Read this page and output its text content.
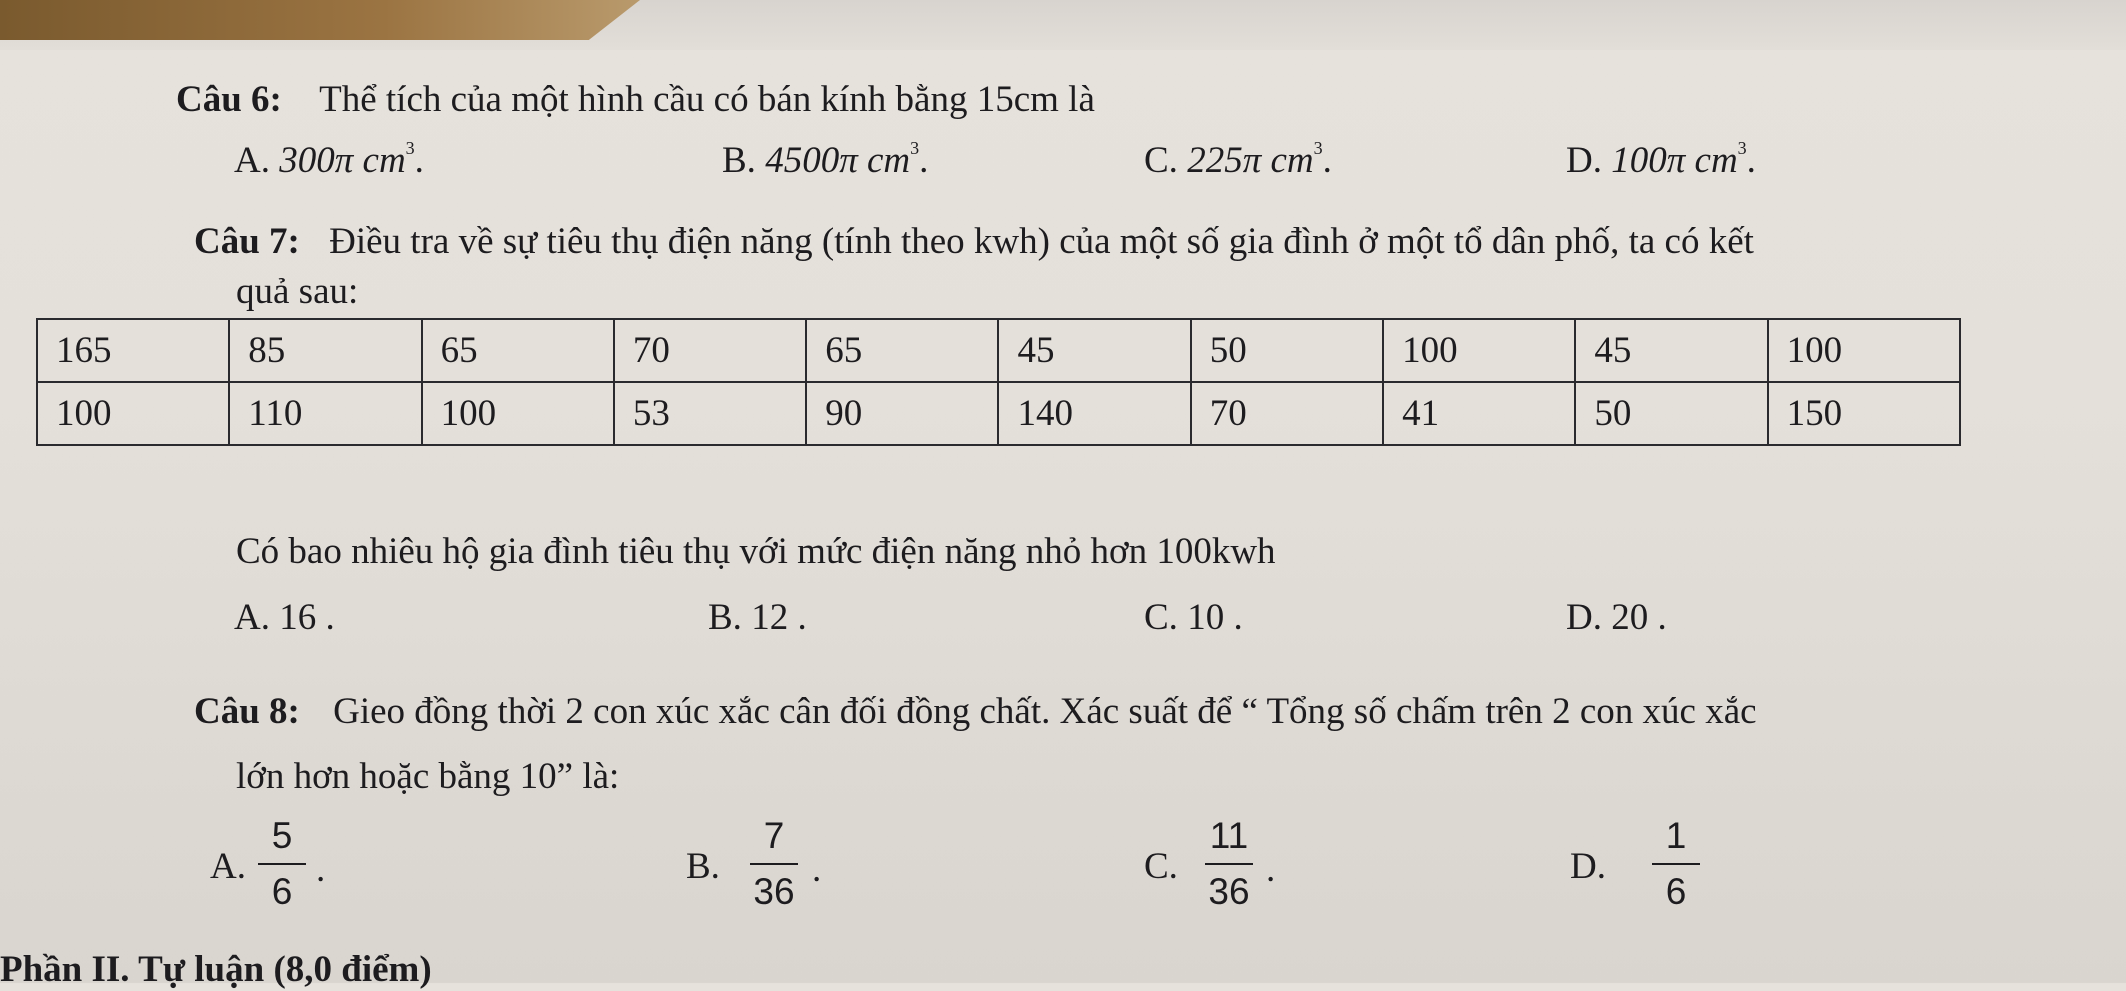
Câu 6: Thể tích của một hình cầu có bán kính bằng 15cm là
A. 300π $cm^3$.	B. 4500π $cm^3$.	C. 225π $cm^3$.	D. 100π $cm^3$.
Câu 7: Điều tra về sự tiêu thụ điện năng (tính theo kwh) của một số gia đình ở một tổ dân phố, ta có kết
quả sau:
165	85	65	70	65	45	50	100	45	100
100	110	100	53	90	140	70	41	50	150
Có bao nhiêu hộ gia đình tiêu thụ với mức điện năng nhỏ hơn 100kwh
A. 16 .	B. 12 .	C. 10 .	D. 20 .
Câu 8: Gieo đồng thời 2 con xúc xắc cân đối đồng chất. Xác suất để “ Tổng số chấm trên 2 con xúc xắc
lớn hơn hoặc bằng 10” là:
A.
5
6
.	B.
7
36
.	C.
11
36
.	D.
1
6
Phần II. Tự luận (8,0 điểm)
